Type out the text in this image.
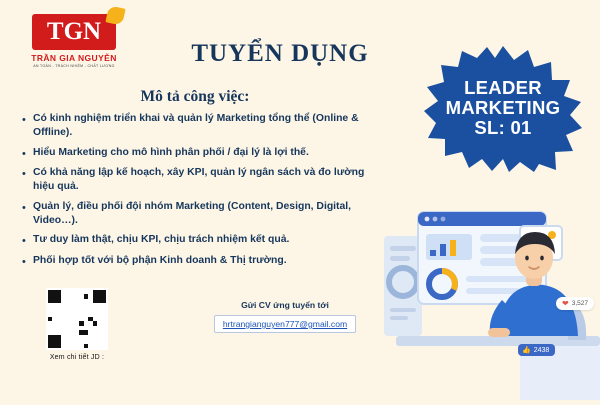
TGN
TRẦN GIA NGUYỄN
AN TOÀN - TRÁCH NHIỆM - CHẤT LƯỢNG	TUYỂN DỤNG
Mô tả công việc:
• Có kinh nghiệm triển khai và quản lý Marketing tổng thể (Online & Offline).
• Hiểu Marketing cho mô hình phân phối / đại lý là lợi thế.
• Có khả năng lập kế hoạch, xây KPI, quản lý ngân sách và đo lường hiệu quả.
• Quản lý, điều phối đội nhóm Marketing (Content, Design, Digital, Video…).
• Tư duy làm thật, chịu KPI, chịu trách nhiệm kết quả.
• Phối hợp tốt với bộ phận Kinh doanh & Thị trường.
LEADER
MARKETING
SL: 01
👍 2438
❤ 3,527
Xem chi tiết JD :
Gửi CV ứng tuyển tới
hrtrangianguyen777@gmail.com
